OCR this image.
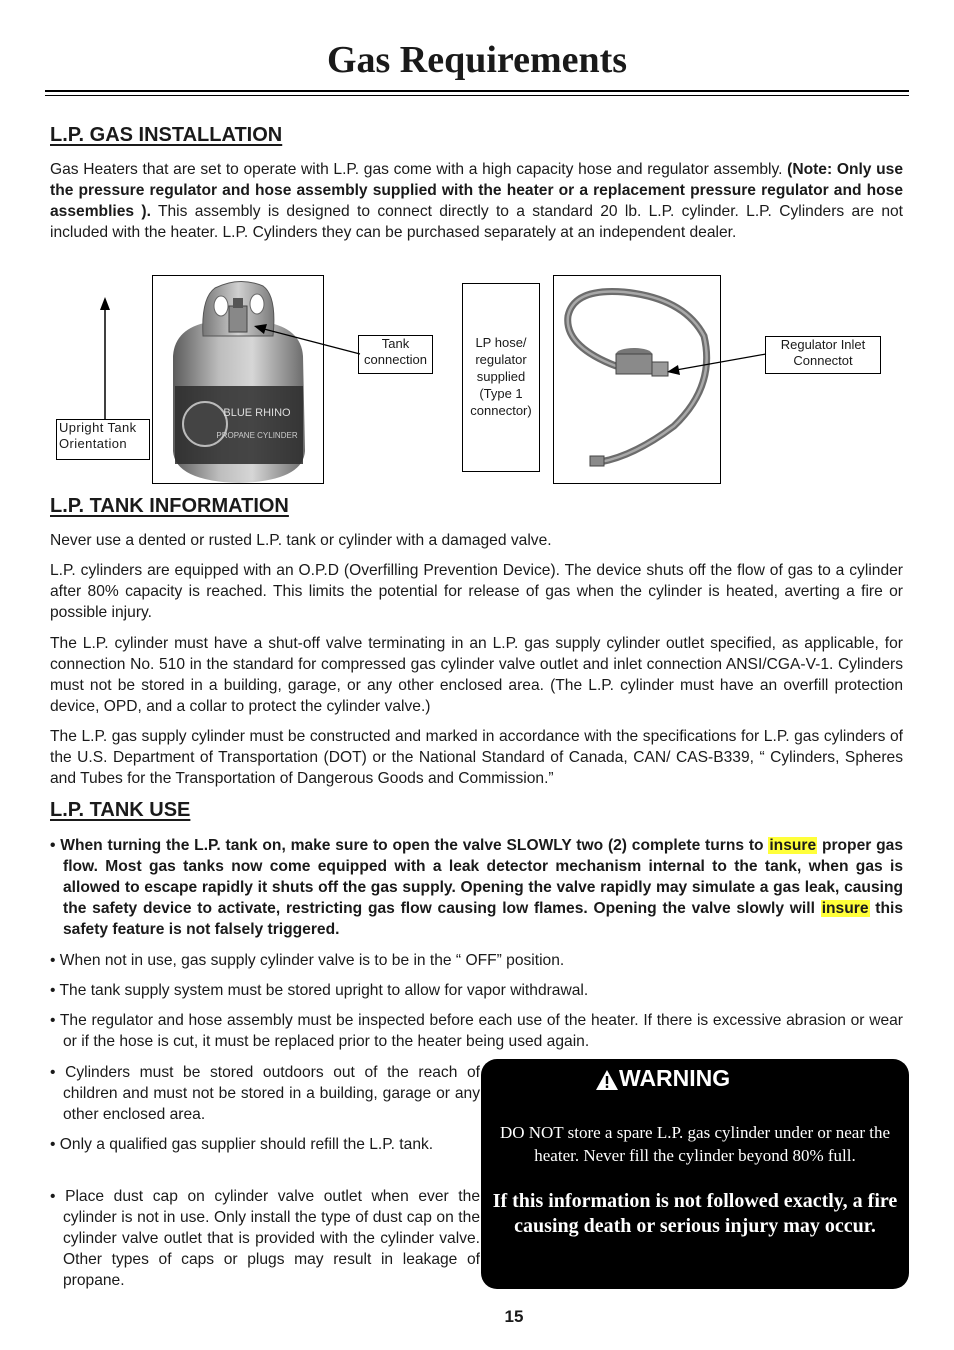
Gas Requirements
L.P. GAS INSTALLATION

Gas Heaters that are set to operate with L.P. gas come with a high capacity hose and regulator assembly. (Note: Only use the pressure regulator and hose assembly supplied with the heater or a replacement pressure regulator and hose assemblies ). This assembly is designed to connect directly to a standard 20 lb. L.P. cylinder. L.P. Cylinders are not included with the heater. L.P. Cylinders they can be purchased separately at an independent dealer.

Upright Tank Orientation
BLUE RHINO
PROPANE CYLINDER
Tank connection
LP hose/ regulator supplied (Type 1 connector)
Regulator Inlet Connectot
L.P. TANK INFORMATION

Never use a dented or rusted L.P. tank or cylinder with a damaged valve.

L.P. cylinders are equipped with an O.P.D (Overfilling Prevention Device). The device shuts off the flow of gas to a cylinder after 80% capacity is reached. This limits the potential for release of gas when the cylinder is heated, averting a fire or possible injury.

The L.P. cylinder must have a shut-off valve terminating in an L.P. gas supply cylinder outlet specified, as applicable, for connection No. 510 in the standard for compressed gas cylinder valve outlet and inlet connection ANSI/CGA-V-1. Cylinders must not be stored in a building, garage, or any other enclosed area. (The L.P. cylinder must have an overfill protection device, OPD, and a collar to protect the cylinder valve.)

The L.P. gas supply cylinder must be constructed and marked in accordance with the specifications for L.P. gas cylinders of the U.S. Department of Transportation (DOT) or the National Standard of Canada, CAN/ CAS-B339, “ Cylinders, Spheres and Tubes for the Transportation of Dangerous Goods and Commission.”

L.P. TANK USE

• When turning the L.P. tank on, make sure to open the valve SLOWLY two (2) complete turns to insure proper gas flow. Most gas tanks now come equipped with a leak detector mechanism internal to the tank, when gas is allowed to escape rapidly it shuts off the gas supply. Opening the valve rapidly may simulate a gas leak, causing the safety device to activate, restricting gas flow causing low flames. Opening the valve slowly will insure this safety feature is not falsely triggered.

• When not in use, gas supply cylinder valve is to be in the “ OFF” position.

• The tank supply system must be stored upright to allow for vapor withdrawal.

• The regulator and hose assembly must be inspected before each use of the heater. If there is excessive abrasion or wear or if the hose is cut, it must be replaced prior to the heater being used again.

• Cylinders must be stored outdoors out of the reach of children and must not be stored in a building, garage or any other enclosed area.

• Only a qualified gas supplier should refill the L.P. tank.

• Place dust cap on cylinder valve outlet when ever the cylinder is not in use. Only install the type of dust cap on the cylinder valve outlet that is provided with the cylinder valve. Other types of caps or plugs may result in leakage of propane.

WARNING

DO NOT store a spare L.P. gas cylinder under or near the heater. Never fill the cylinder beyond 80% full.

If this information is not followed exactly, a fire causing death or serious injury may occur.

15
